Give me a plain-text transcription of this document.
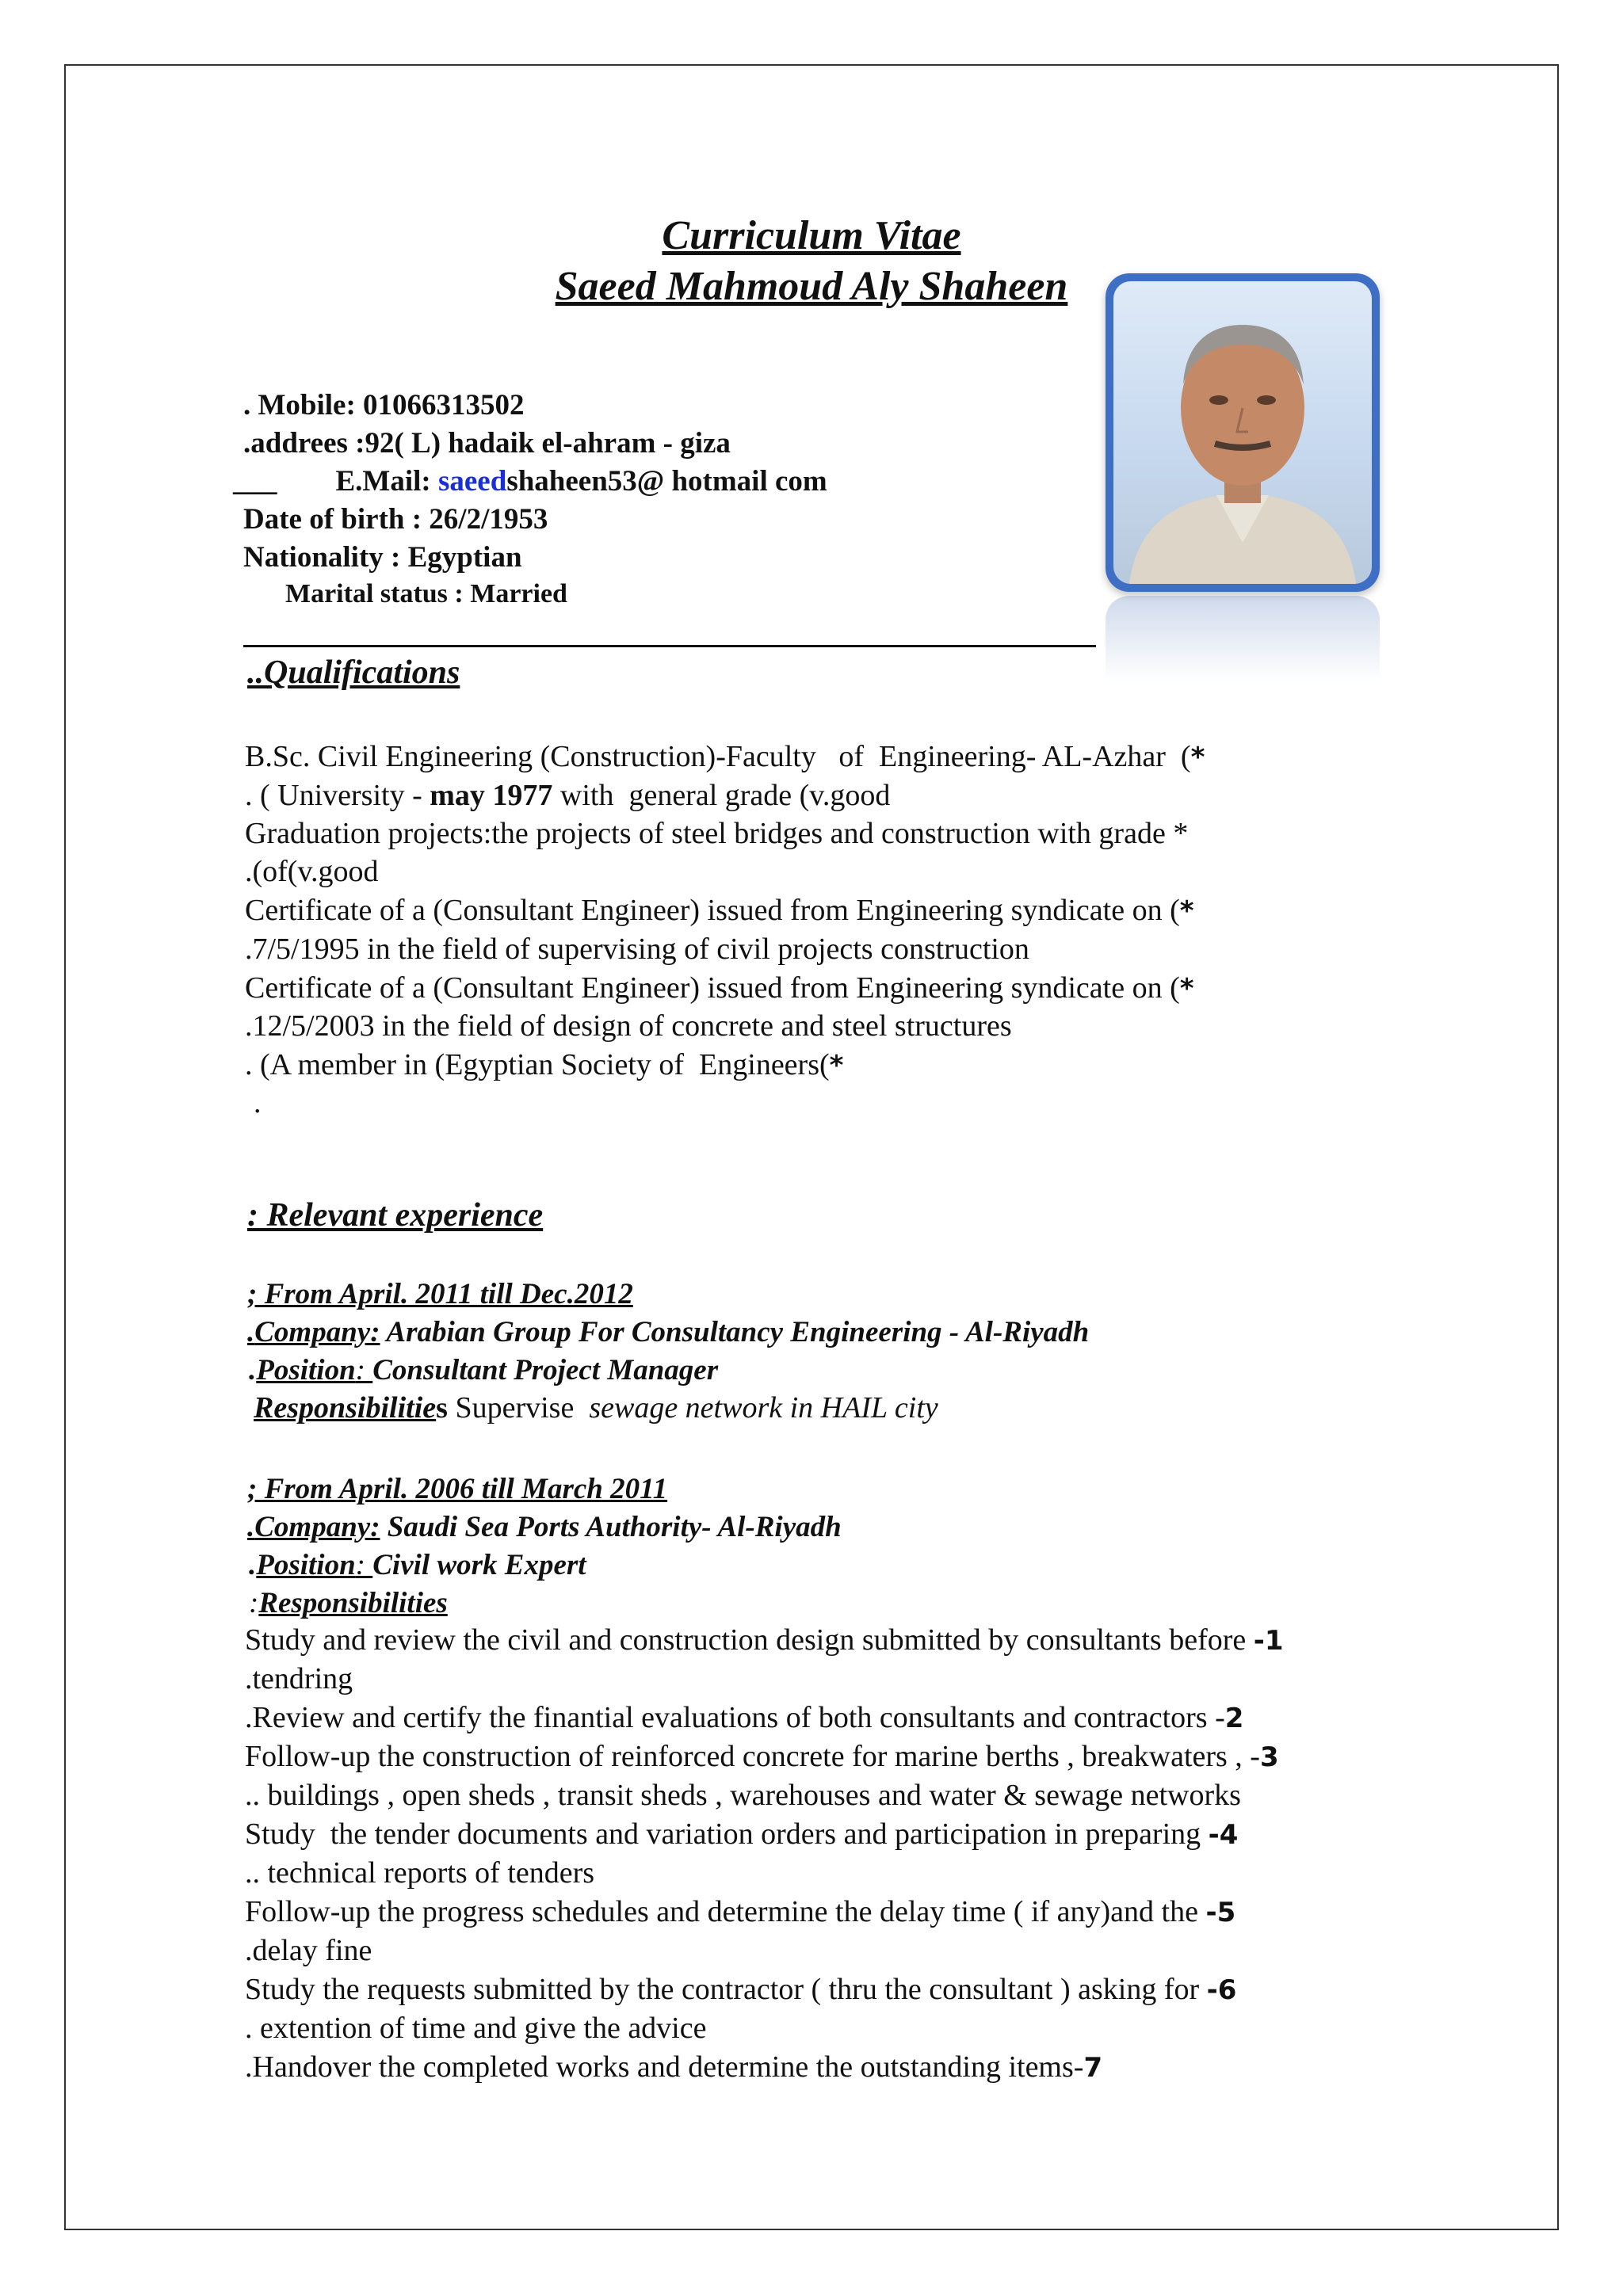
Curriculum Vitae
Saeed Mahmoud Aly Shaheen
. Mobile: 01066313502
.addrees :92( L) hadaik el-ahram - giza
___        E.Mail: saeedshaheen53@ hotmail com
Date of birth : 26/2/1953
Nationality : Egyptian
Marital status : Married
..Qualifications
B.Sc. Civil Engineering (Construction)-Faculty   of  Engineering- AL-Azhar  (*
. ( University - may 1977 with  general grade (v.good
Graduation projects:the projects of steel bridges and construction with grade *
.(of(v.good
Certificate of a (Consultant Engineer) issued from Engineering syndicate on (*
.7/5/1995 in the field of supervising of civil projects construction
Certificate of a (Consultant Engineer) issued from Engineering syndicate on (*
.12/5/2003 in the field of design of concrete and steel structures
. (A member in (Egyptian Society of  Engineers(*
.
: Relevant experience
; From April. 2011 till Dec.2012
.Company: Arabian Group For Consultancy Engineering - Al-Riyadh
.Position: Consultant Project Manager
Responsibilities Supervise  sewage network in HAIL city
; From April. 2006 till March 2011
.Company: Saudi Sea Ports Authority- Al-Riyadh
.Position: Civil work Expert
:Responsibilities
Study and review the civil and construction design submitted by consultants before -1
.tendring
.Review and certify the finantial evaluations of both consultants and contractors -2
Follow-up the construction of reinforced concrete for marine berths , breakwaters , -3
.. buildings , open sheds , transit sheds , warehouses and water & sewage networks
Study  the tender documents and variation orders and participation in preparing -4
.. technical reports of tenders
Follow-up the progress schedules and determine the delay time ( if any)and the -5
.delay fine
Study the requests submitted by the contractor ( thru the consultant ) asking for -6
. extention of time and give the advice
.Handover the completed works and determine the outstanding items-7
